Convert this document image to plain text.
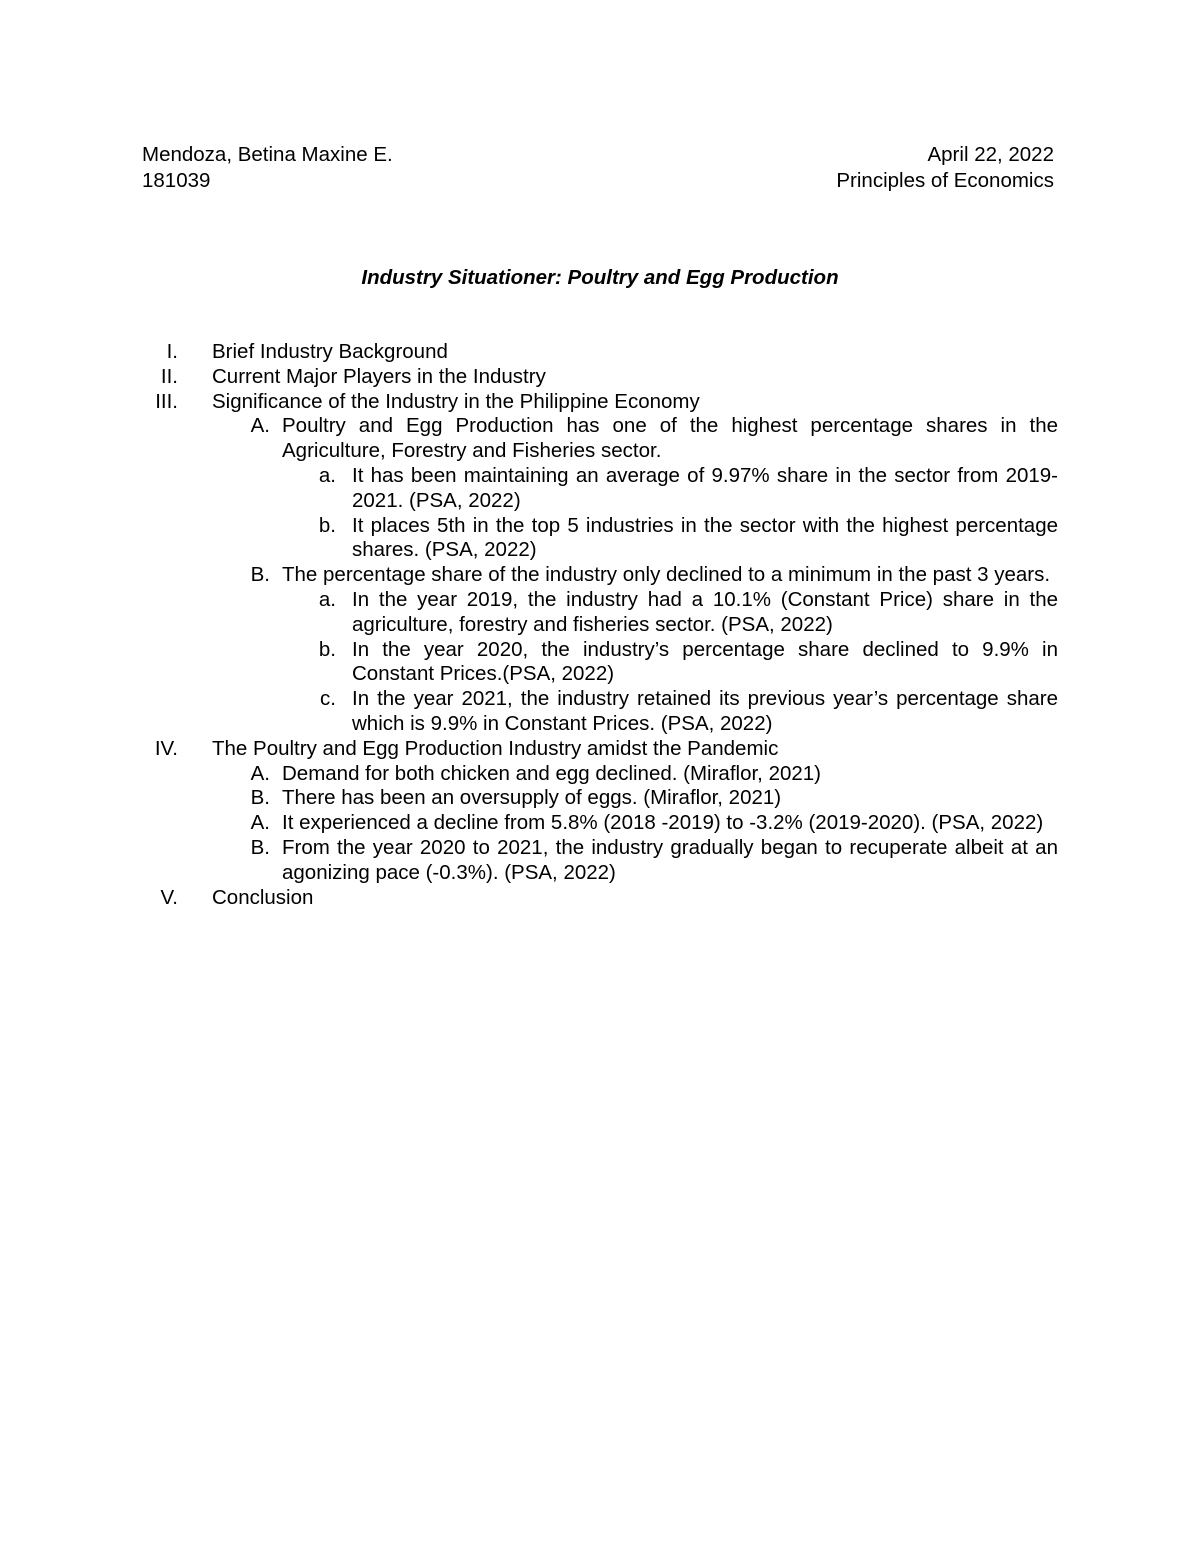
Mendoza, Betina Maxine E.
181039
April 22, 2022
Principles of Economics
Industry Situationer: Poultry and Egg Production
I. Brief Industry Background
II. Current Major Players in the Industry
III. Significance of the Industry in the Philippine Economy
A. Poultry and Egg Production has one of the highest percentage shares in the Agriculture, Forestry and Fisheries sector.
a. It has been maintaining an average of 9.97% share in the sector from 2019-2021. (PSA, 2022)
b. It places 5th in the top 5 industries in the sector with the highest percentage shares. (PSA, 2022)
B. The percentage share of the industry only declined to a minimum in the past 3 years.
a. In the year 2019, the industry had a 10.1% (Constant Price) share in the agriculture, forestry and fisheries sector. (PSA, 2022)
b. In the year 2020, the industry’s percentage share declined to 9.9% in Constant Prices.(PSA, 2022)
c. In the year 2021, the industry retained its previous year’s percentage share which is 9.9% in Constant Prices. (PSA, 2022)
IV. The Poultry and Egg Production Industry amidst the Pandemic
A. Demand for both chicken and egg declined. (Miraflor, 2021)
B. There has been an oversupply of eggs. (Miraflor, 2021)
A. It experienced a decline from 5.8% (2018 -2019) to -3.2% (2019-2020). (PSA, 2022)
B. From the year 2020 to 2021, the industry gradually began to recuperate albeit at an agonizing pace (-0.3%). (PSA, 2022)
V. Conclusion
